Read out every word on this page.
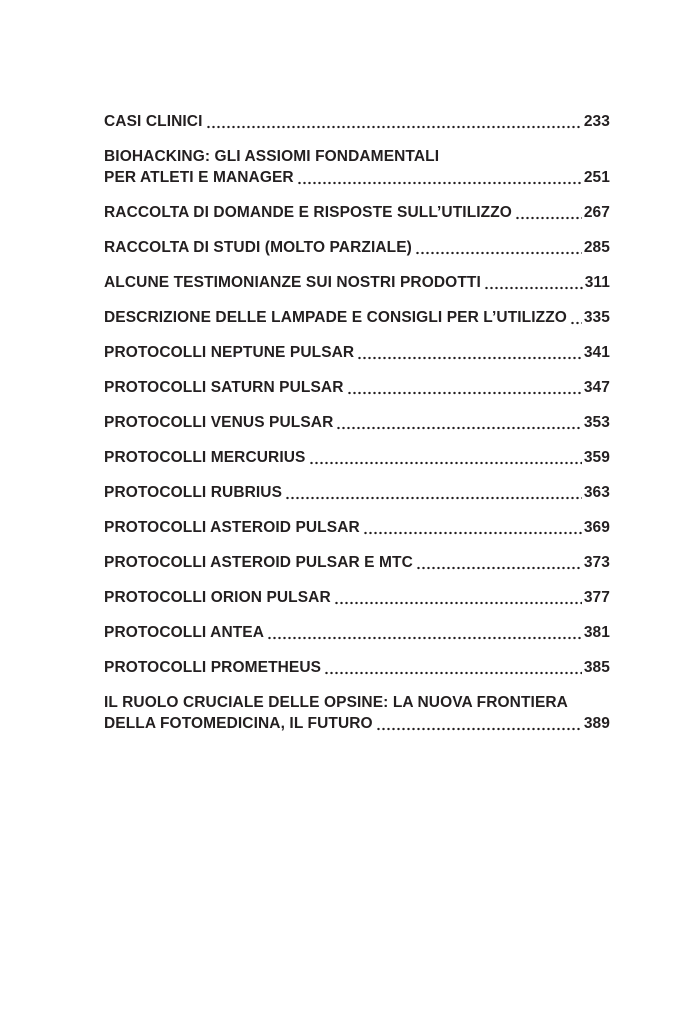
CASI CLINICI	233
BIOHACKING: GLI ASSIOMI FONDAMENTALI
PER ATLETI E MANAGER	251
RACCOLTA DI DOMANDE E RISPOSTE SULL’UTILIZZO	267
RACCOLTA DI STUDI (MOLTO PARZIALE)	285
ALCUNE TESTIMONIANZE SUI NOSTRI PRODOTTI	311
DESCRIZIONE DELLE LAMPADE E CONSIGLI PER L’UTILIZZO 335
PROTOCOLLI NEPTUNE PULSAR	341
PROTOCOLLI SATURN PULSAR	347
PROTOCOLLI VENUS PULSAR	353
PROTOCOLLI MERCURIUS	359
PROTOCOLLI RUBRIUS	363
PROTOCOLLI ASTEROID PULSAR	369
PROTOCOLLI ASTEROID PULSAR E MTC	373
PROTOCOLLI ORION PULSAR	377
PROTOCOLLI ANTEA	381
PROTOCOLLI PROMETHEUS	385
IL RUOLO CRUCIALE DELLE OPSINE: LA NUOVA FRONTIERA
DELLA FOTOMEDICINA, IL FUTURO	389
